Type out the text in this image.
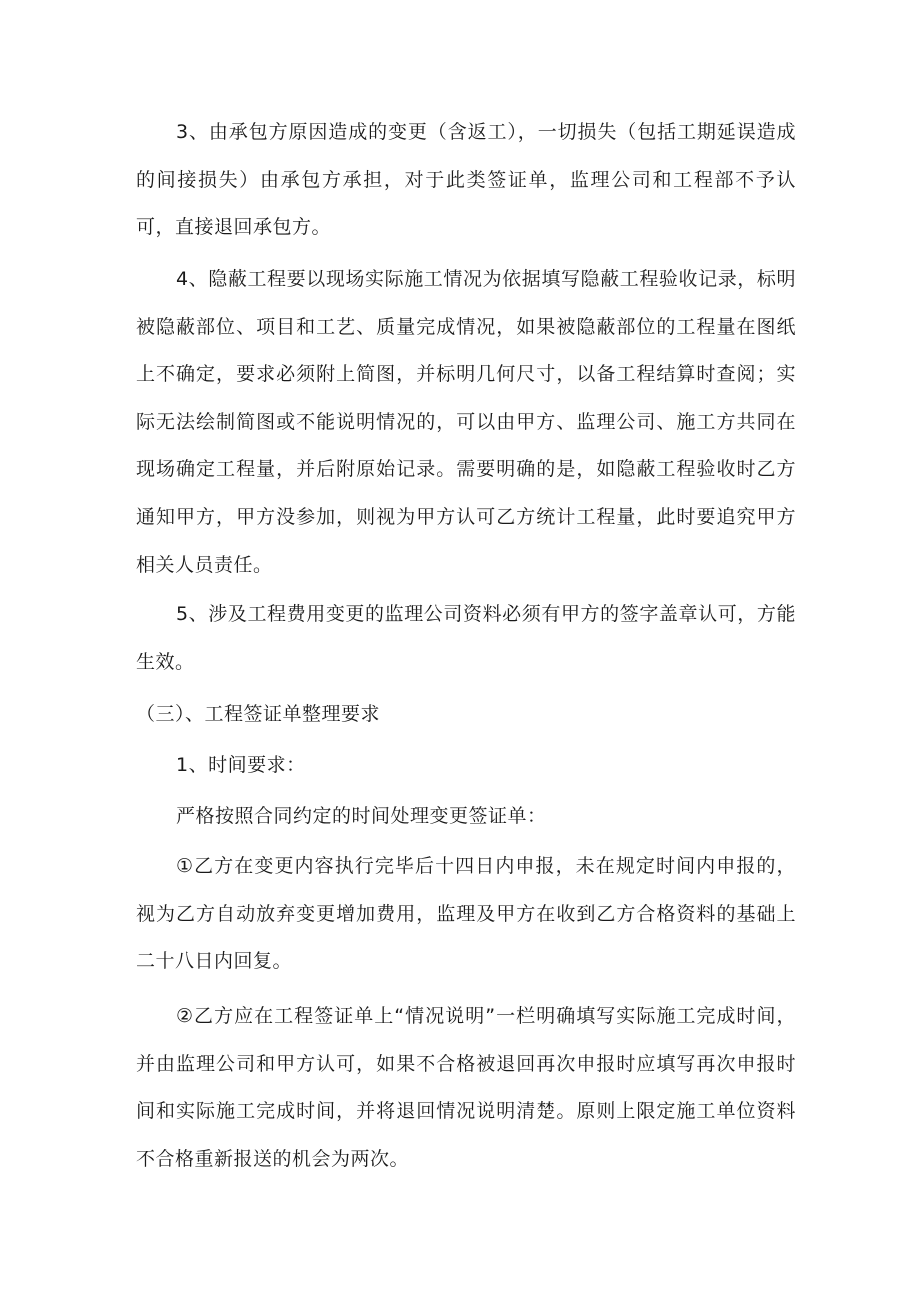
3、由承包方原因造成的变更（含返工），一切损失（包括工期延误造成的间接损失）由承包方承担，对于此类签证单，监理公司和工程部不予认可，直接退回承包方。

4、隐蔽工程要以现场实际施工情况为依据填写隐蔽工程验收记录，标明被隐蔽部位、项目和工艺、质量完成情况，如果被隐蔽部位的工程量在图纸上不确定，要求必须附上简图，并标明几何尺寸，以备工程结算时查阅；实际无法绘制简图或不能说明情况的，可以由甲方、监理公司、施工方共同在现场确定工程量，并后附原始记录。需要明确的是，如隐蔽工程验收时乙方通知甲方，甲方没参加，则视为甲方认可乙方统计工程量，此时要追究甲方相关人员责任。

5、涉及工程费用变更的监理公司资料必须有甲方的签字盖章认可，方能生效。

（三）、工程签证单整理要求

1、时间要求：

严格按照合同约定的时间处理变更签证单：

①乙方在变更内容执行完毕后十四日内申报，未在规定时间内申报的，视为乙方自动放弃变更增加费用，监理及甲方在收到乙方合格资料的基础上二十八日内回复。

②乙方应在工程签证单上“情况说明”一栏明确填写实际施工完成时间，并由监理公司和甲方认可，如果不合格被退回再次申报时应填写再次申报时间和实际施工完成时间，并将退回情况说明清楚。原则上限定施工单位资料不合格重新报送的机会为两次。
